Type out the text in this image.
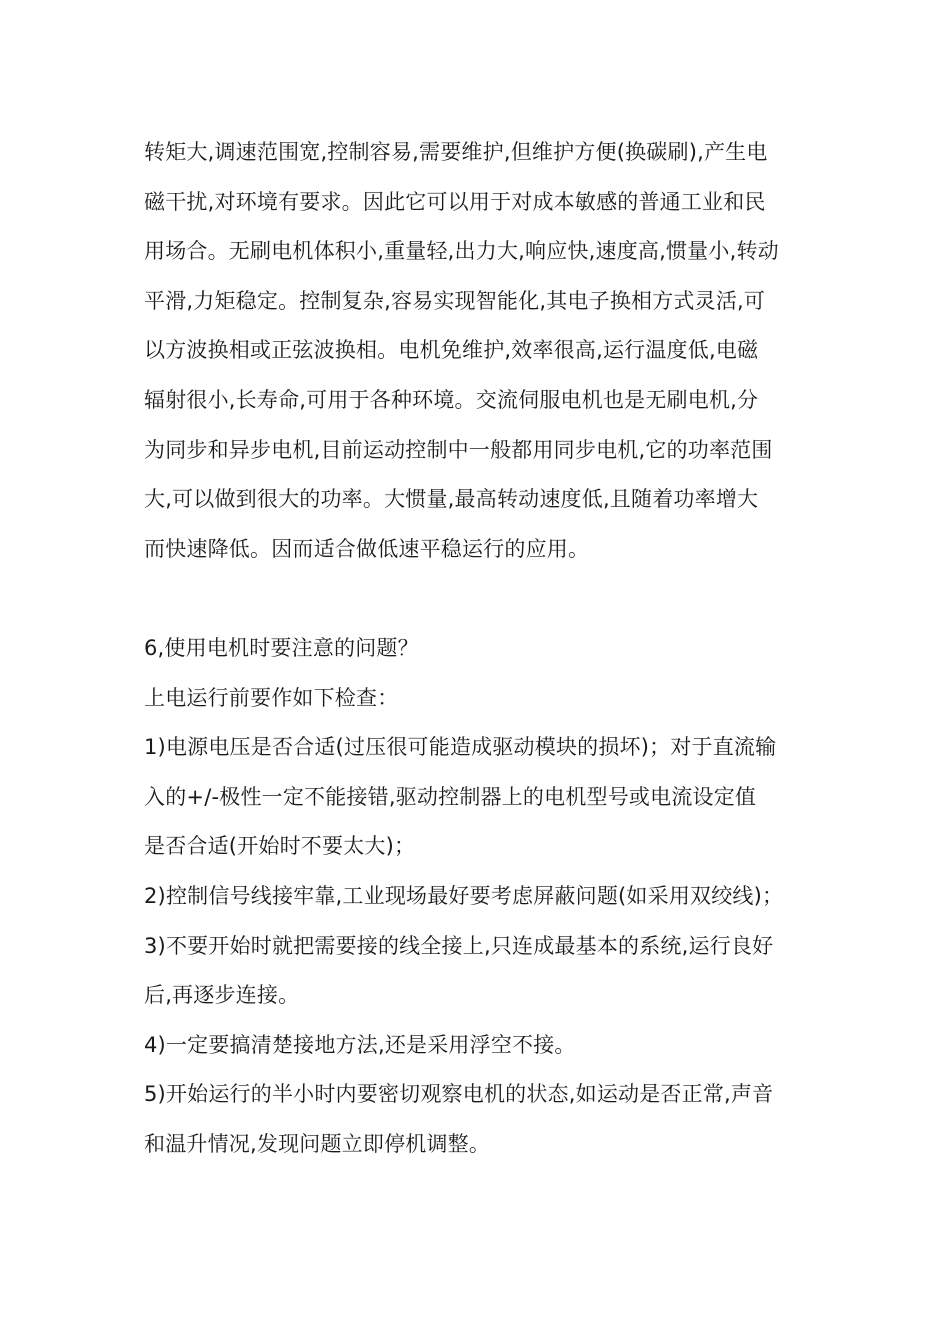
转矩大,调速范围宽,控制容易,需要维护,但维护方便(换碳刷),产生电

磁干扰,对环境有要求。因此它可以用于对成本敏感的普通工业和民

用场合。无刷电机体积小,重量轻,出力大,响应快,速度高,惯量小,转动

平滑,力矩稳定。控制复杂,容易实现智能化,其电子换相方式灵活,可

以方波换相或正弦波换相。电机免维护,效率很高,运行温度低,电磁

辐射很小,长寿命,可用于各种环境。交流伺服电机也是无刷电机,分

为同步和异步电机,目前运动控制中一般都用同步电机,它的功率范围

大,可以做到很大的功率。大惯量,最高转动速度低,且随着功率增大

而快速降低。因而适合做低速平稳运行的应用。

6,使用电机时要注意的问题？

上电运行前要作如下检查：

1)电源电压是否合适(过压很可能造成驱动模块的损坏)；对于直流输

入的+/-极性一定不能接错,驱动控制器上的电机型号或电流设定值

是否合适(开始时不要太大)；

2)控制信号线接牢靠,工业现场最好要考虑屏蔽问题(如采用双绞线)；

3)不要开始时就把需要接的线全接上,只连成最基本的系统,运行良好

后,再逐步连接。

4)一定要搞清楚接地方法,还是采用浮空不接。

5)开始运行的半小时内要密切观察电机的状态,如运动是否正常,声音

和温升情况,发现问题立即停机调整。
